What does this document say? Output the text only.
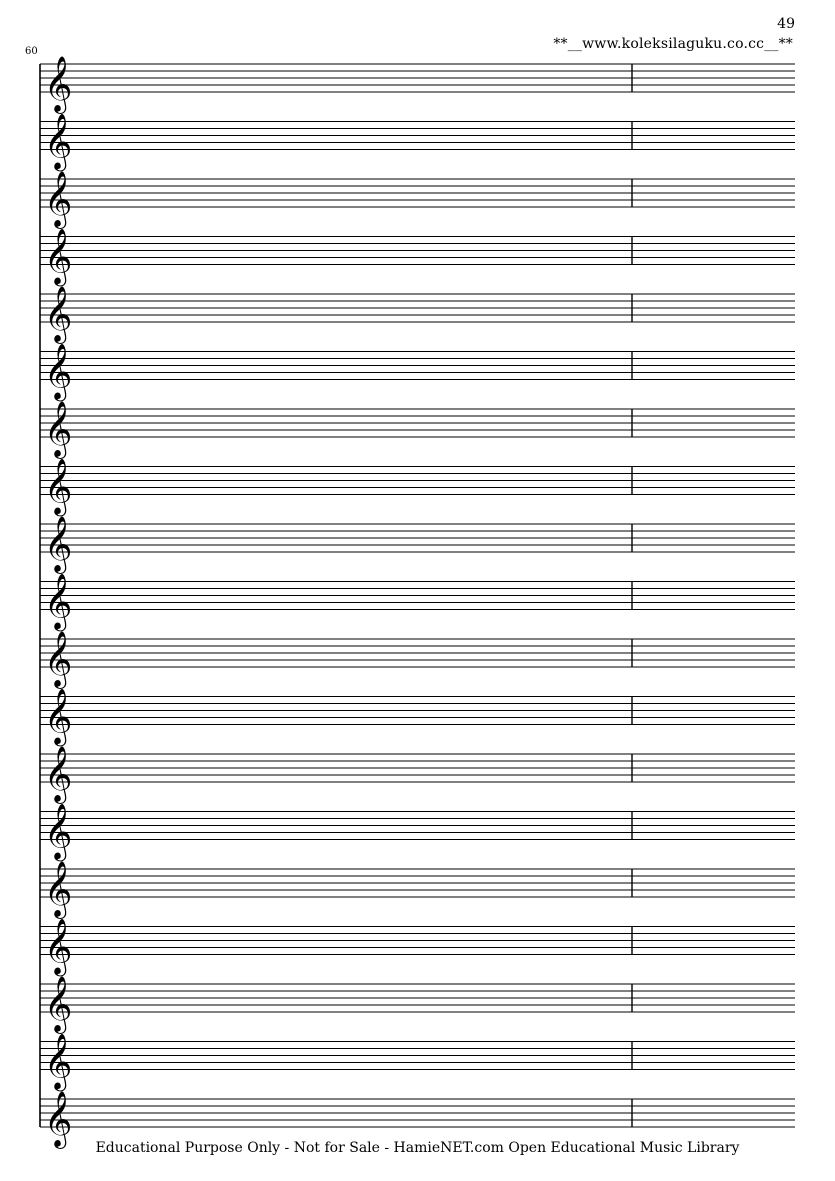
49
**__www.koleksilaguku.co.cc__**
60
𝄞
𝄞
𝄞
𝄞
𝄞
𝄞
𝄞
𝄞
𝄞
𝄞
𝄞
𝄞
𝄞
𝄞
𝄞
𝄞
𝄞
𝄞
𝄞
Educational Purpose Only - Not for Sale - HamieNET.com Open Educational Music Library
